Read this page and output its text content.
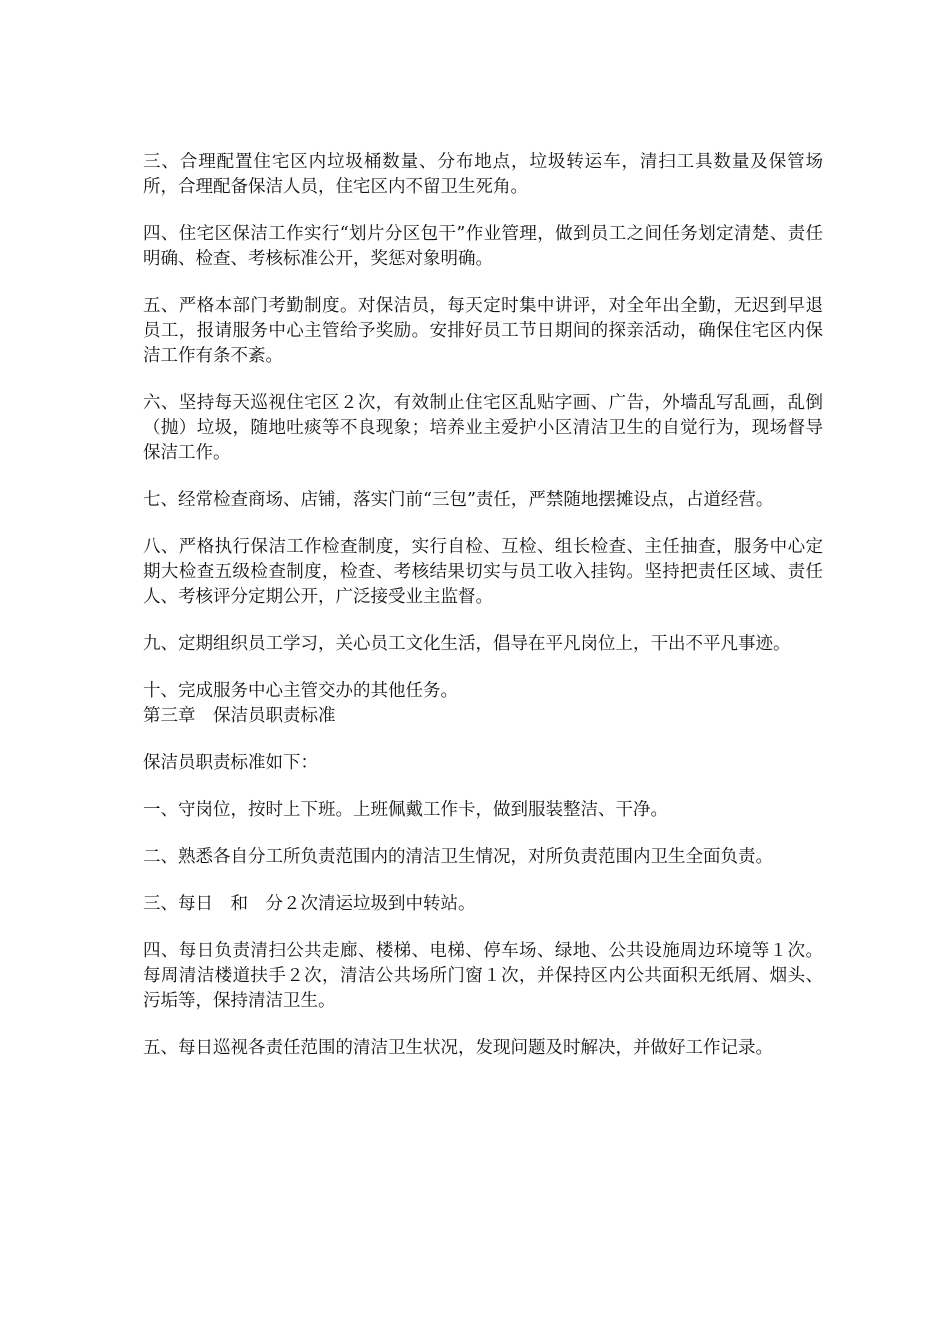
三、合理配置住宅区内垃圾桶数量、分布地点，垃圾转运车，清扫工具数量及保管场所，合理配备保洁人员，住宅区内不留卫生死角。

四、住宅区保洁工作实行“划片分区包干”作业管理，做到员工之间任务划定清楚、责任明确、检查、考核标准公开，奖惩对象明确。

五、严格本部门考勤制度。对保洁员，每天定时集中讲评，对全年出全勤，无迟到早退员工，报请服务中心主管给予奖励。安排好员工节日期间的探亲活动，确保住宅区内保洁工作有条不紊。

六、坚持每天巡视住宅区２次，有效制止住宅区乱贴字画、广告，外墙乱写乱画，乱倒（抛）垃圾，随地吐痰等不良现象；培养业主爱护小区清洁卫生的自觉行为，现场督导保洁工作。

七、经常检查商场、店铺，落实门前“三包”责任，严禁随地摆摊设点，占道经营。

八、严格执行保洁工作检查制度，实行自检、互检、组长检查、主任抽查，服务中心定期大检查五级检查制度，检查、考核结果切实与员工收入挂钩。坚持把责任区域、责任人、考核评分定期公开，广泛接受业主监督。

九、定期组织员工学习，关心员工文化生活，倡导在平凡岗位上，干出不平凡事迹。

十、完成服务中心主管交办的其他任务。

第三章　保洁员职责标准

保洁员职责标准如下：

一、守岗位，按时上下班。上班佩戴工作卡，做到服装整洁、干净。

二、熟悉各自分工所负责范围内的清洁卫生情况，对所负责范围内卫生全面负责。

三、每日　和　分２次清运垃圾到中转站。

四、每日负责清扫公共走廊、楼梯、电梯、停车场、绿地、公共设施周边环境等１次。每周清洁楼道扶手２次，清洁公共场所门窗１次，并保持区内公共面积无纸屑、烟头、污垢等，保持清洁卫生。

五、每日巡视各责任范围的清洁卫生状况，发现问题及时解决，并做好工作记录。
